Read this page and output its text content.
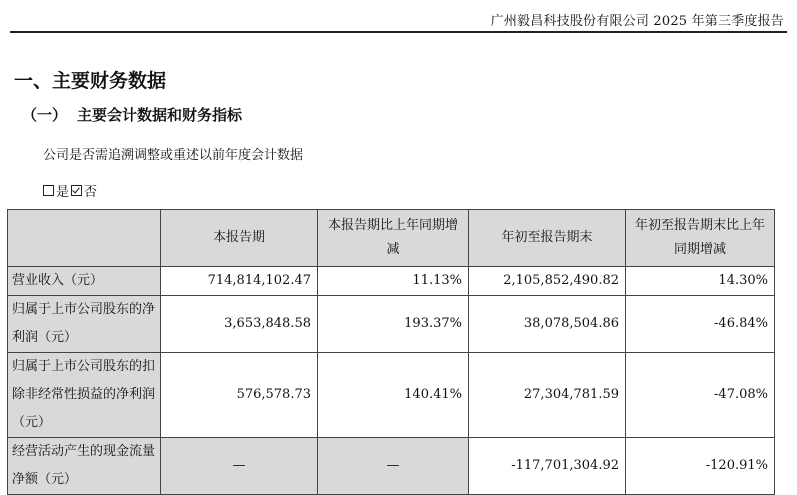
广州毅昌科技股份有限公司 2025 年第三季度报告
一、主要财务数据
（一） 主要会计数据和财务指标
公司是否需追溯调整或重述以前年度会计数据
是 否
	本报告期	本报告期比上年同期增减	年初至报告期末	年初至报告期末比上年同期增减
营业收入（元）	714,814,102.47	11.13%	2,105,852,490.82	14.30%
归属于上市公司股东的净利润（元）	3,653,848.58	193.37%	38,078,504.86	-46.84%
归属于上市公司股东的扣除非经常性损益的净利润（元）	576,578.73	140.41%	27,304,781.59	-47.08%
经营活动产生的现金流量净额（元）	—	—	-117,701,304.92	-120.91%
